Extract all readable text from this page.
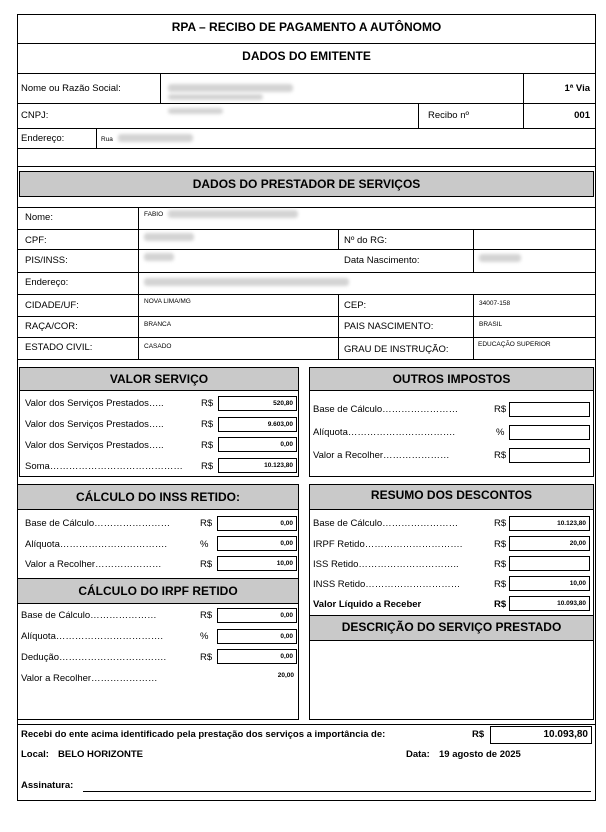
RPA – RECIBO DE PAGAMENTO A AUTÔNOMO
DADOS DO EMITENTE
Nome ou Razão Social:	1ª Via
CNPJ:	Recibo nº	001
Endereço:	Rua
DADOS DO PRESTADOR DE SERVIÇOS
Nome:	FABIO
CPF:	Nº do RG:
PIS/INSS:	Data Nascimento:
Endereço:
CIDADE/UF:	NOVA LIMA/MG	CEP:	34007-158
RAÇA/COR:	BRANCA	PAIS NASCIMENTO:	BRASIL
ESTADO CIVIL:	CASADO	GRAU DE INSTRUÇÃO:	EDUCAÇÃO SUPERIOR
VALOR SERVIÇO
Valor dos Serviços Prestados…..	R$	520,80
Valor dos Serviços Prestados…..	R$	9.603,00
Valor dos Serviços Prestados…..	R$	0,00
Soma…………………………………… R$	10.123,80
OUTROS IMPOSTOS
Base de Cálculo……………………	R$
Alíquota…………………………….	%
Valor a Recolher…………………	R$
CÁLCULO DO INSS RETIDO:
Base de Cálculo……………………	R$	0,00
Alíquota…………………………….	%	0,00
Valor a Recolher…………………	R$	10,00
CÁLCULO DO IRPF RETIDO
Base de Cálculo…………………	R$	0,00
Alíquota…………………………….	%	0,00
Dedução…………………………….	R$	0,00
Valor a Recolher…………………	20,00
RESUMO DOS DESCONTOS
Base de Cálculo……………………	R$	10.123,80
IRPF Retido………………………….	R$	20,00
ISS Retido…………………………..	R$
INSS Retido…………………………	R$	10,00
Valor Líquido a Receber	R$	10.093,80
DESCRIÇÃO DO SERVIÇO PRESTADO
Recebi do ente acima identificado pela prestação dos serviços a importância de:	R$	10.093,80
Local: BELO HORIZONTE	Data: 19 agosto de 2025
Assinatura:
